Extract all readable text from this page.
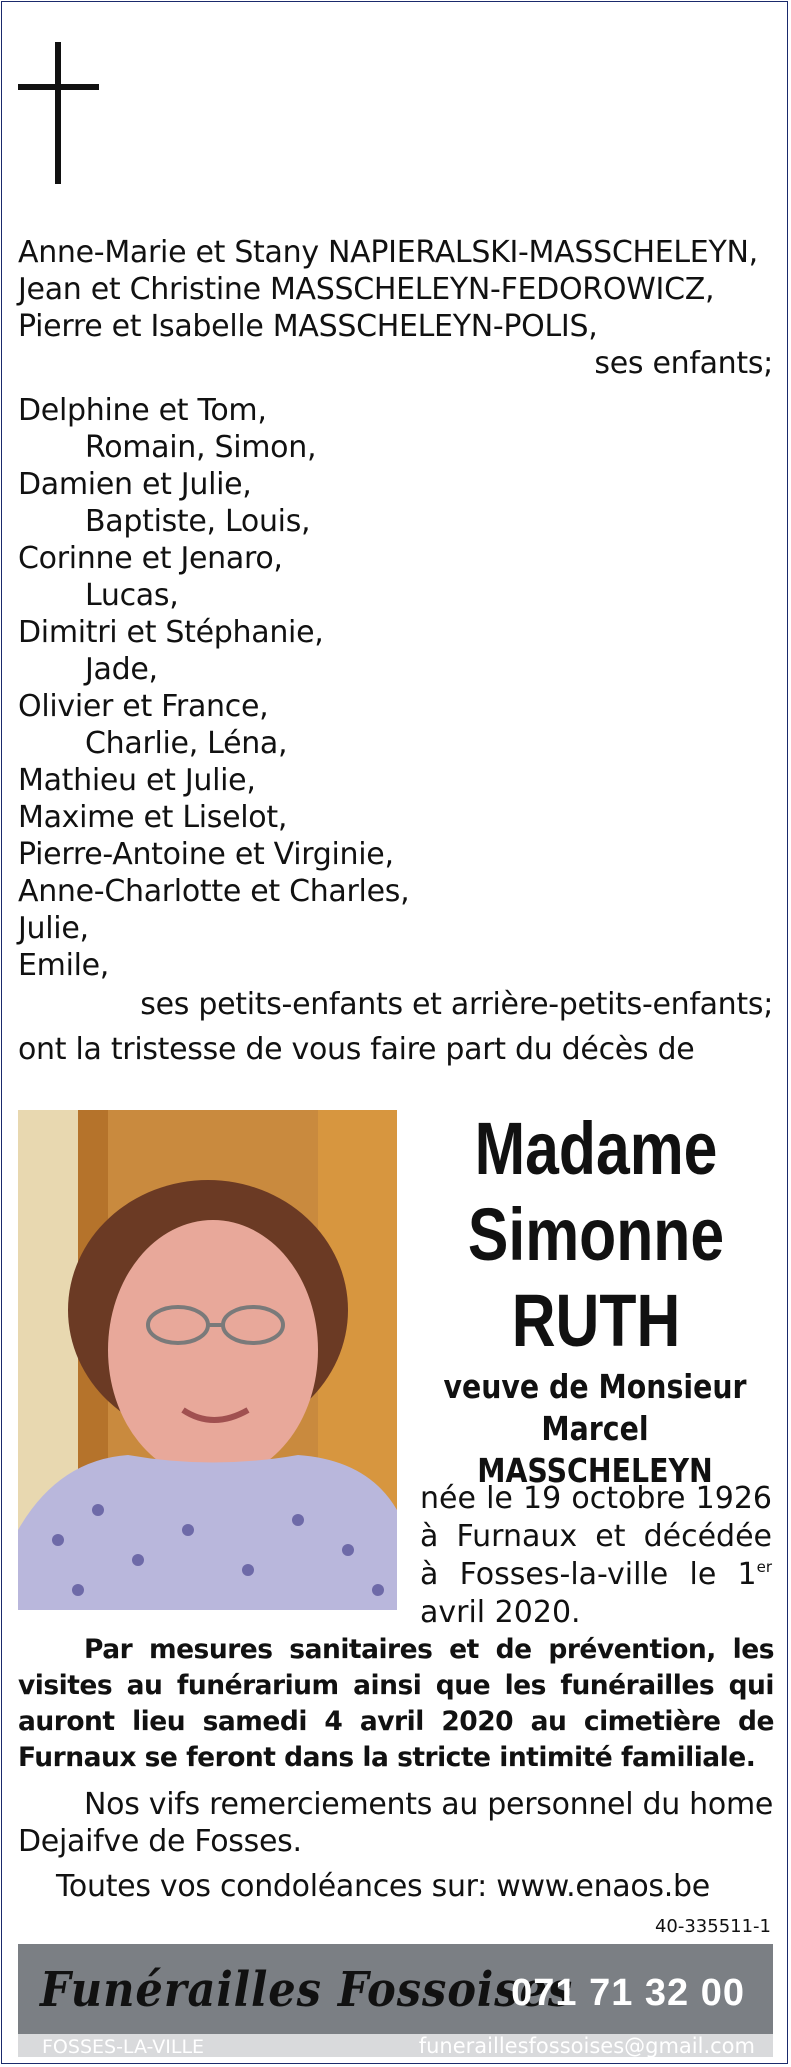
Anne-Marie et Stany NAPIERALSKI-MASSCHELEYN,
Jean et Christine MASSCHELEYN-FEDOROWICZ,
Pierre et Isabelle MASSCHELEYN-POLIS,
ses enfants;
Delphine et Tom,
Romain, Simon,
Damien et Julie,
Baptiste, Louis,
Corinne et Jenaro,
Lucas,
Dimitri et Stéphanie,
Jade,
Olivier et France,
Charlie, Léna,
Mathieu et Julie,
Maxime et Liselot,
Pierre-Antoine et Virginie,
Anne-Charlotte et Charles,
Julie,
Emile,
ses petits-enfants et arrière-petits-enfants;
ont la tristesse de vous faire part du décès de
Madame
Simonne
RUTH
veuve de Monsieur
Marcel MASSCHELEYN
née le 19 octobre 1926 à Furnaux et décédée à Fosses-la-ville le 1er avril 2020.
Par mesures sanitaires et de prévention, les visites au funérarium ainsi que les funérailles qui auront lieu samedi 4 avril 2020 au cimetière de Furnaux se feront dans la stricte intimité familiale.
Nos vifs remerciements au personnel du home Dejaifve de Fosses.
Toutes vos condoléances sur: www.enaos.be
40-335511-1
Funérailles Fossoises
071 71 32 00
FOSSES-LA-VILLE	funeraillesfossoises@gmail.com
